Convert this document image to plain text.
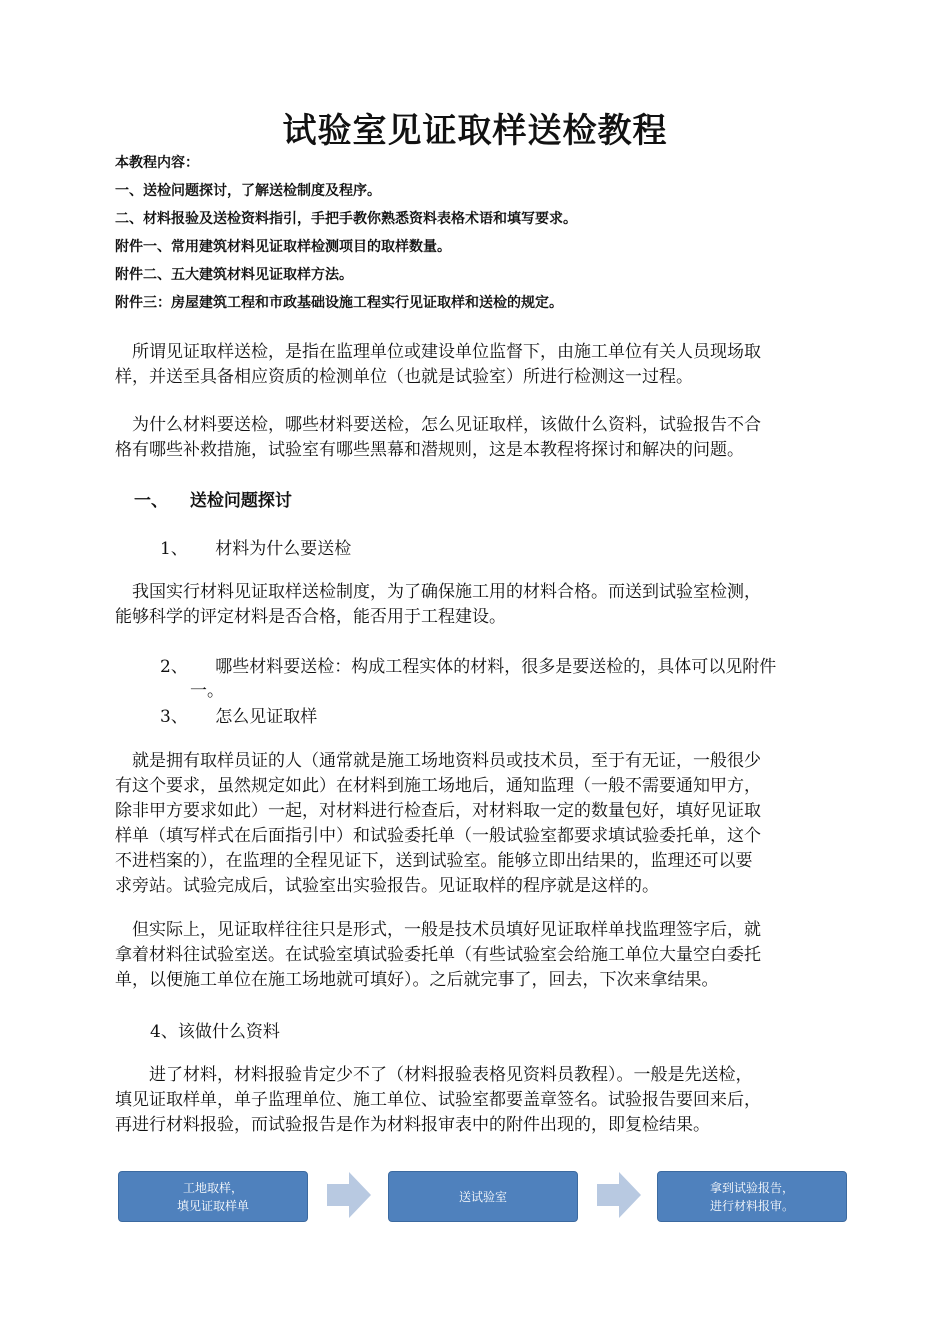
试验室见证取样送检教程
本教程内容：
一、送检问题探讨，了解送检制度及程序。
二、材料报验及送检资料指引，手把手教你熟悉资料表格术语和填写要求。
附件一、常用建筑材料见证取样检测项目的取样数量。
附件二、五大建筑材料见证取样方法。
附件三：房屋建筑工程和市政基础设施工程实行见证取样和送检的规定。

　所谓见证取样送检，是指在监理单位或建设单位监督下，由施工单位有关人员现场取

样，并送至具备相应资质的检测单位（也就是试验室）所进行检测这一过程。

　为什么材料要送检，哪些材料要送检，怎么见证取样，该做什么资料，试验报告不合

格有哪些补救措施，试验室有哪些黑幕和潜规则，这是本教程将探讨和解决的问题。

一、 送检问题探讨
1、 材料为什么要送检

　我国实行材料见证取样送检制度，为了确保施工用的材料合格。而送到试验室检测，

能够科学的评定材料是否合格，能否用于工程建设。

2、 哪些材料要送检：构成工程实体的材料，很多是要送检的，具体可以见附件
一。
3、 怎么见证取样

　就是拥有取样员证的人（通常就是施工场地资料员或技术员，至于有无证，一般很少

有这个要求，虽然规定如此）在材料到施工场地后，通知监理（一般不需要通知甲方，

除非甲方要求如此）一起，对材料进行检查后，对材料取一定的数量包好，填好见证取

样单（填写样式在后面指引中）和试验委托单（一般试验室都要求填试验委托单，这个

不进档案的），在监理的全程见证下，送到试验室。能够立即出结果的，监理还可以要

求旁站。试验完成后，试验室出实验报告。见证取样的程序就是这样的。

　但实际上，见证取样往往只是形式，一般是技术员填好见证取样单找监理签字后，就

拿着材料往试验室送。在试验室填试验委托单（有些试验室会给施工单位大量空白委托

单，以便施工单位在施工场地就可填好）。之后就完事了，回去，下次来拿结果。

4、该做什么资料

　　进了材料，材料报验肯定少不了（材料报验表格见资料员教程）。一般是先送检，

填见证取样单，单子监理单位、施工单位、试验室都要盖章签名。试验报告要回来后，

再进行材料报验，而试验报告是作为材料报审表中的附件出现的，即复检结果。

工地取样，
填见证取样单
送试验室
拿到试验报告，
进行材料报审。
